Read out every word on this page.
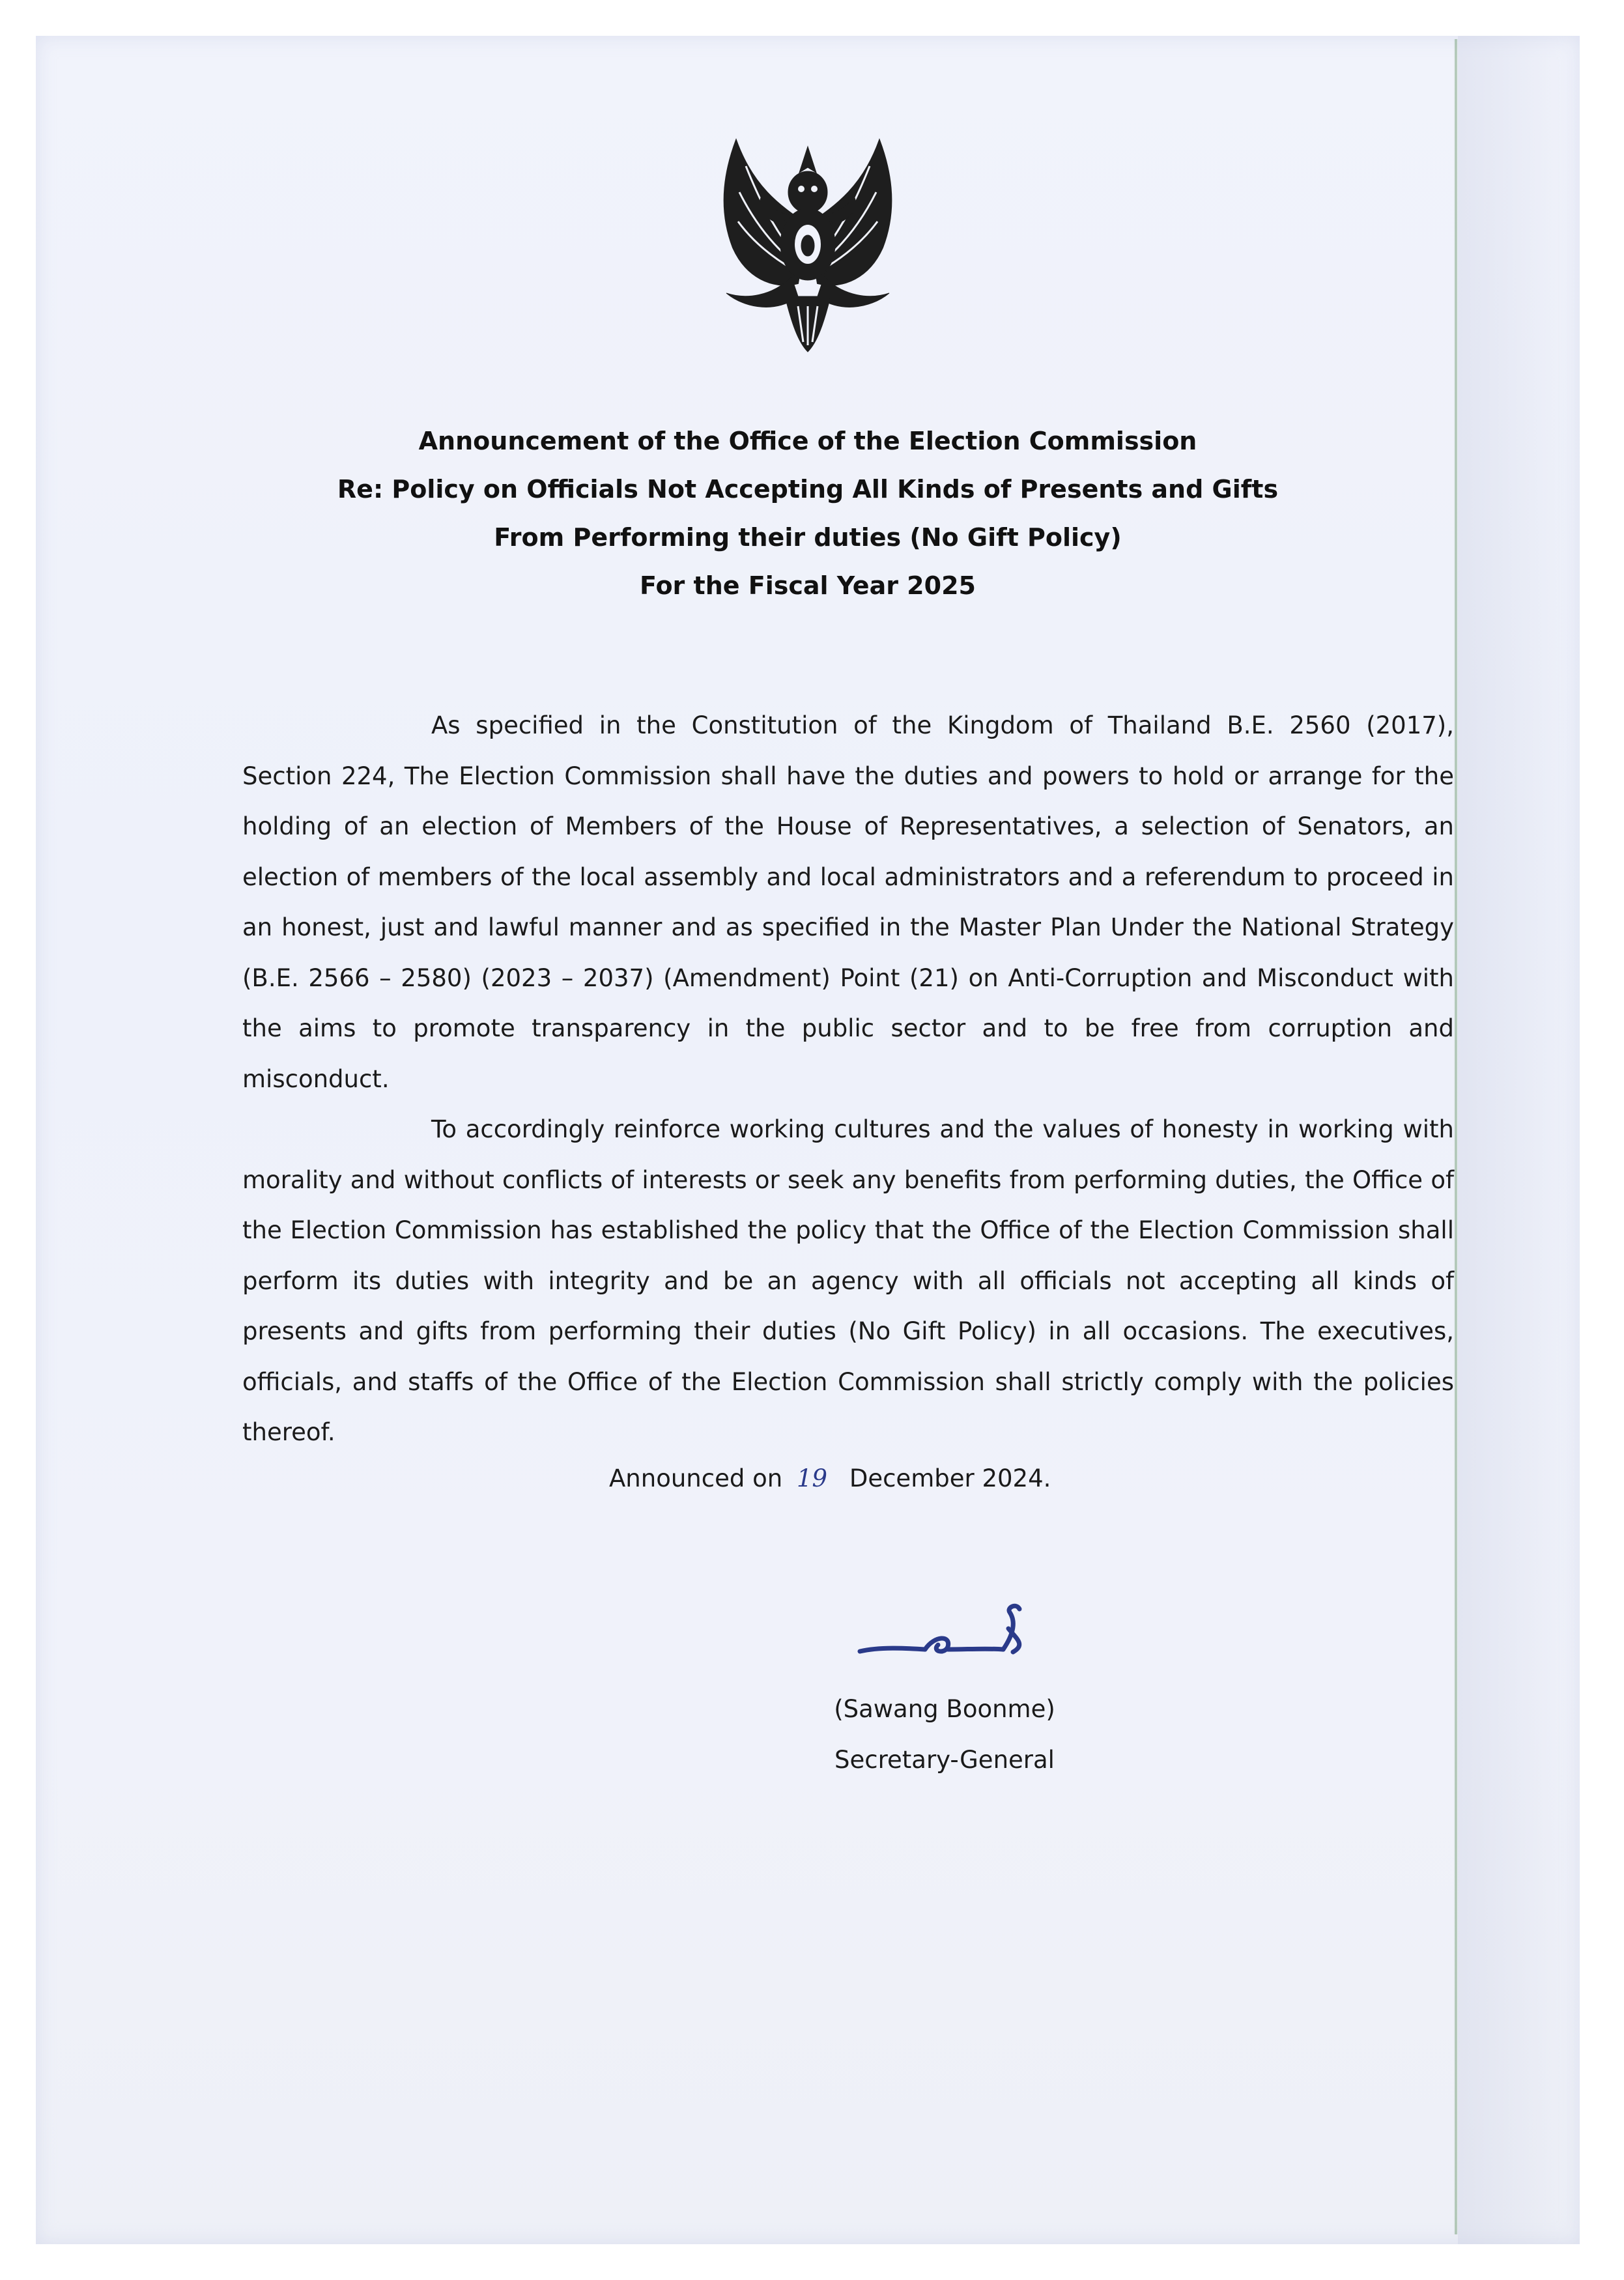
Announcement of the Office of the Election Commission
Re: Policy on Officials Not Accepting All Kinds of Presents and Gifts
From Performing their duties (No Gift Policy)
For the Fiscal Year 2025

As specified in the Constitution of the Kingdom of Thailand B.E. 2560 (2017), Section 224, The Election Commission shall have the duties and powers to hold or arrange for the holding of an election of Members of the House of Representatives, a selection of Senators, an election of members of the local assembly and local administrators and a referendum to proceed in an honest, just and lawful manner and as specified in the Master Plan Under the National Strategy (B.E. 2566 – 2580) (2023 – 2037) (Amendment) Point (21) on Anti-Corruption and Misconduct with the aims to promote transparency in the public sector and to be free from corruption and misconduct.

To accordingly reinforce working cultures and the values of honesty in working with morality and without conflicts of interests or seek any benefits from performing duties, the Office of the Election Commission has established the policy that the Office of the Election Commission shall perform its duties with integrity and be an agency with all officials not accepting all kinds of presents and gifts from performing their duties (No Gift Policy) in all occasions. The executives, officials, and staffs of the Office of the Election Commission shall strictly comply with the policies thereof.

Announced on 19 December 2024.
(Sawang Boonme)
Secretary-General
